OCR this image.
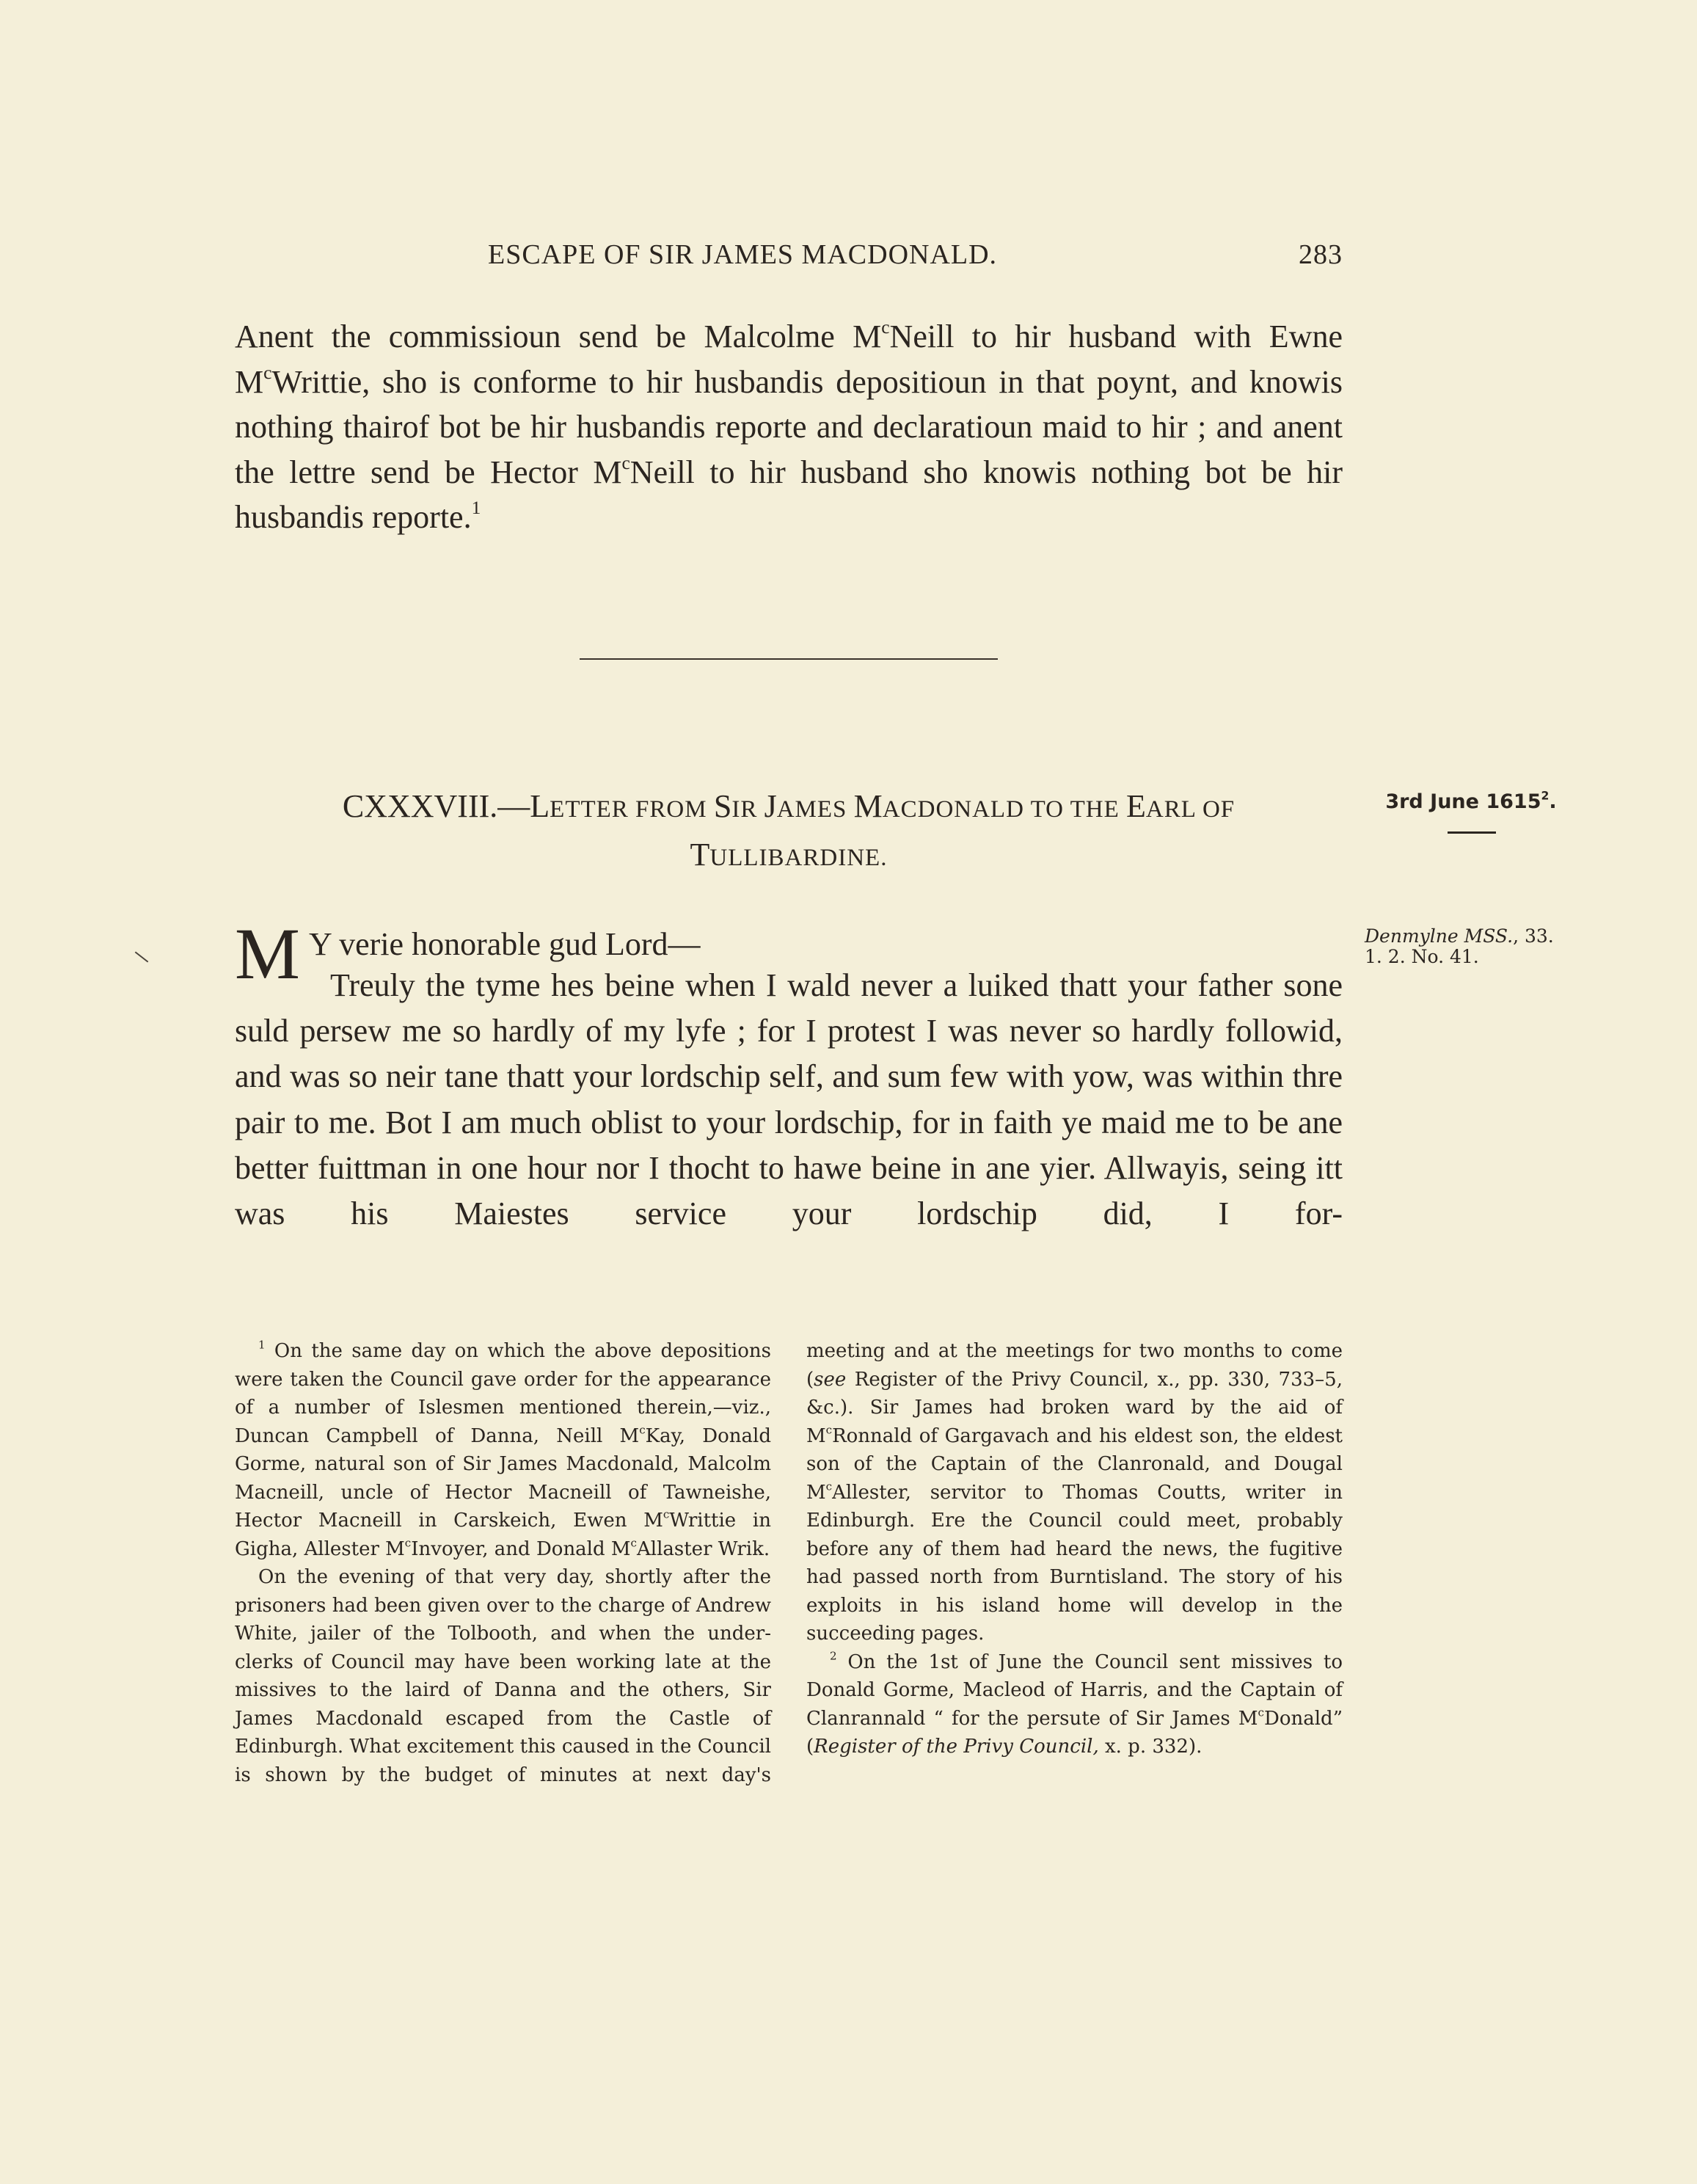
ESCAPE OF SIR JAMES MACDONALD.	283

Anent the commissioun send be Malcolme $M^cNeill$ to hir husband with Ewne $M^cWrittie$, sho is conforme to hir husbandis depositioun in that poynt, and knowis nothing thairof bot be hir husbandis reporte and declaratioun maid to hir ; and anent the lettre send be Hector $M^cNeill$ to hir husband sho knowis nothing bot be hir husbandis reporte.$^1$

CXXXVIII.—LETTER FROM SIR JAMES MACDONALD TO THE EARL OF
TULLIBARDINE.
3rd June 1615$^2$.
Denmylne MSS., 33.
1. 2. No. 41.
M Y verie honorable gud Lord—

Treuly the tyme hes beine when I wald never a luiked thatt your father sone suld persew me so hardly of my lyfe ; for I protest I was never so hardly followid, and was so neir tane thatt your lordschip self, and sum few with yow, was within thre pair to me. Bot I am much oblist to your lordschip, for in faith ye maid me to be ane better fuittman in one hour nor I thocht to hawe beine in ane yier. Allwayis, seing itt was his Maiestes service your lordschip did, I for-

$^1$ On the same day on which the above depositions were taken the Council gave order for the appearance of a number of Islesmen mentioned therein,—viz., Duncan Campbell of Danna, Neill $M^cKay$, Donald Gorme, natural son of Sir James Macdonald, Malcolm Macneill, uncle of Hector Macneill of Tawneishe, Hector Macneill in Carskeich, Ewen $M^cWrittie$ in Gigha, Allester $M^cInvoyer$, and Donald $M^cAllaster$ Wrik.

On the evening of that very day, shortly after the prisoners had been given over to the charge of Andrew White, jailer of the Tolbooth, and when the under-clerks of Council may have been working late at the missives to the laird of Danna and the others, Sir James Macdonald escaped from the Castle of Edinburgh. What excitement this caused in the Council is shown by the budget of minutes at next day's meeting and at the meetings for two months to come (see Register of the Privy Council, x., pp. 330, 733–5, &c.). Sir James had broken ward by the aid of $M^cRonnald$ of Gargavach and his eldest son, the eldest son of the Captain of the Clanronald, and Dougal $M^cAllester$, servitor to Thomas Coutts, writer in Edinburgh. Ere the Council could meet, probably before any of them had heard the news, the fugitive had passed north from Burntisland. The story of his exploits in his island home will develop in the succeeding pages.

$^2$ On the 1st of June the Council sent missives to Donald Gorme, Macleod of Harris, and the Captain of Clanrannald “ for the persute of Sir James $M^cDonald$” (Register of the Privy Council, x. p. 332).
